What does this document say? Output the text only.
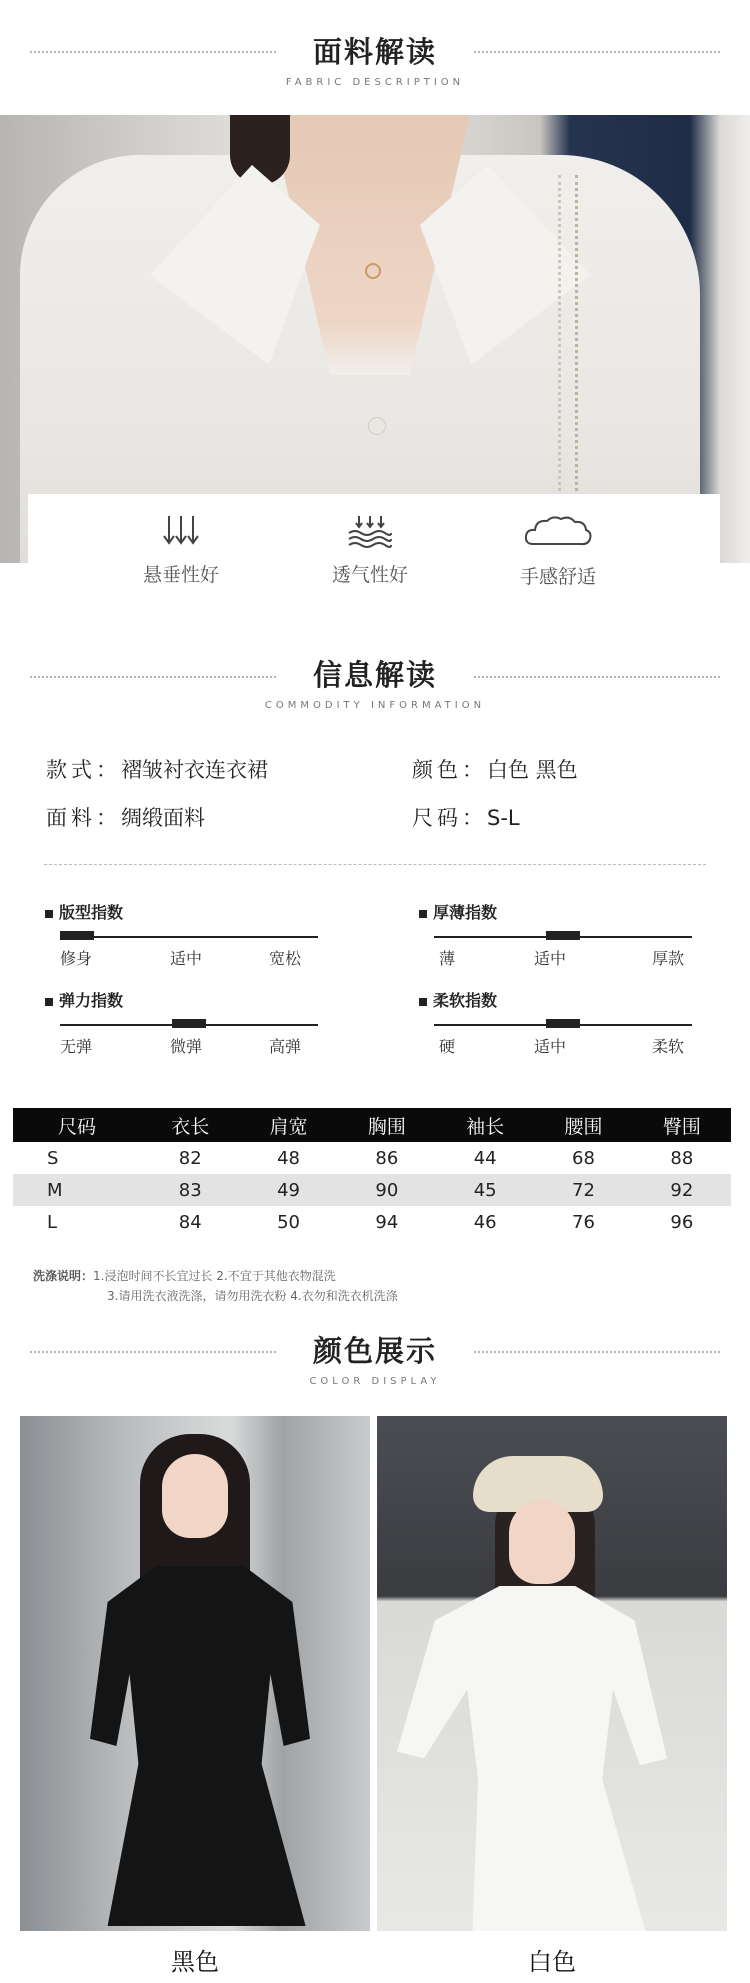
面料解读
FABRIC DESCRIPTION
悬垂性好	透气性好	手感舒适
信息解读
COMMODITY INFORMATION
款式：褶皱衬衣连衣裙	颜色：白色 黑色
面料：绸缎面料	尺码：S-L
版型指数
修身	适中	宽松
厚薄指数
薄	适中	厚款
弹力指数
无弹	微弹	高弹
柔软指数
硬	适中	柔软
尺码	衣长	肩宽	胸围	袖长	腰围	臀围
S	82	48	86	44	68	88
M	83	49	90	45	72	92
L	84	50	94	46	76	96
洗涤说明：1.浸泡时间不长宜过长 2.不宜于其他衣物混洗
3.请用洗衣液洗涤，请勿用洗衣粉 4.衣勿和洗衣机洗涤
颜色展示
COLOR DISPLAY
黑色	白色
